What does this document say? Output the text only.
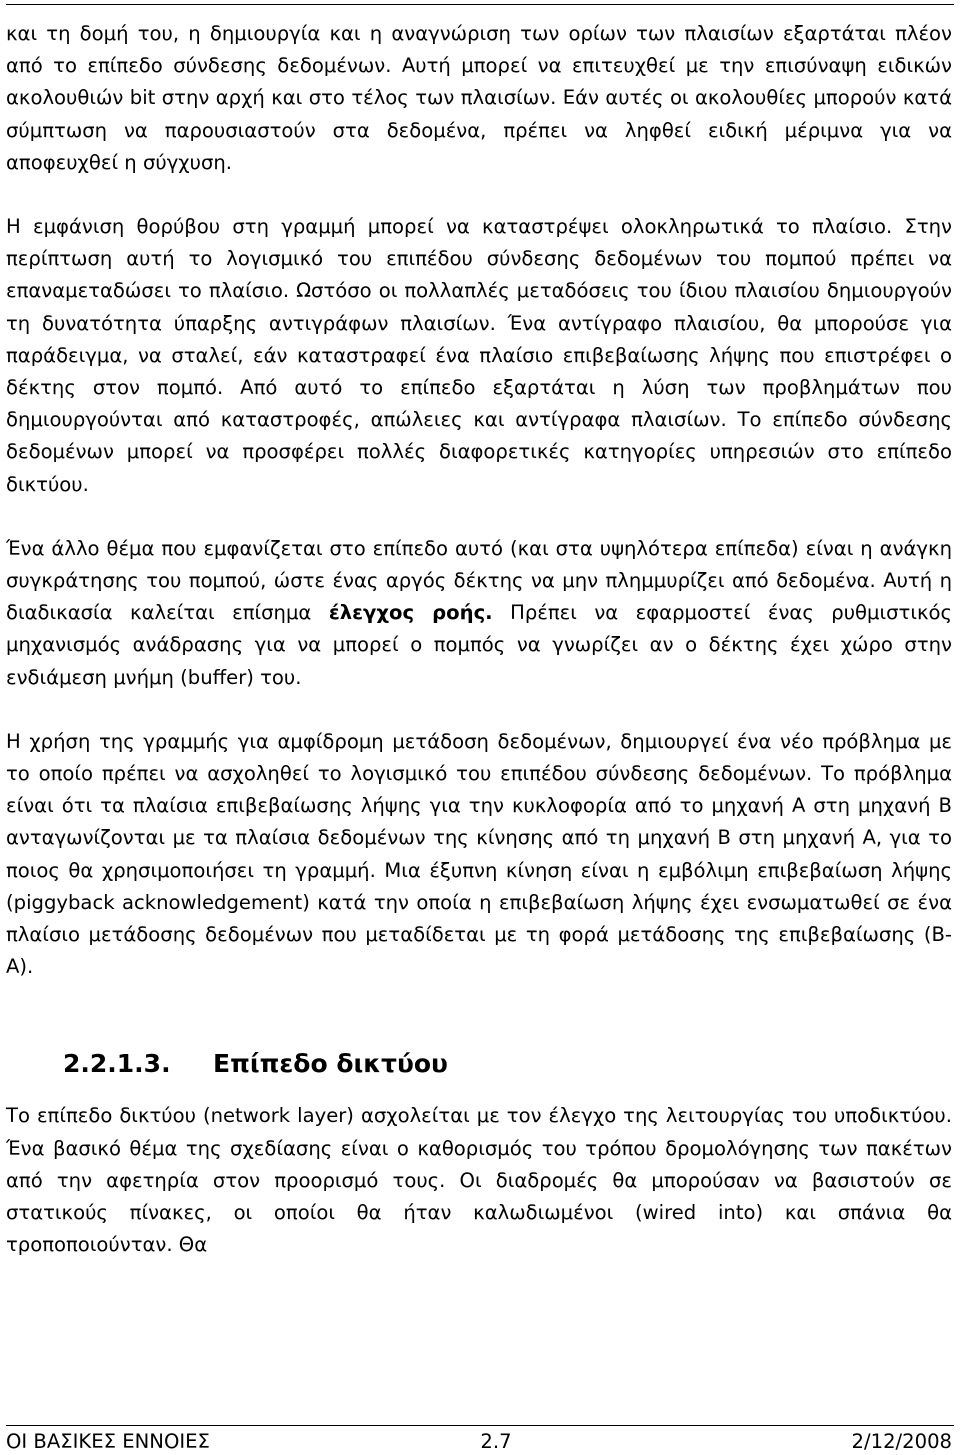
και τη δομή του, η δημιουργία και η αναγνώριση των ορίων των πλαισίων εξαρτάται πλέον από το επίπεδο σύνδεσης δεδομένων. Αυτή μπορεί να επιτευχθεί με την επισύναψη ειδικών ακολουθιών bit στην αρχή και στο τέλος των πλαισίων. Εάν αυτές οι ακολουθίες μπορούν κατά σύμπτωση να παρουσιαστούν στα δεδομένα, πρέπει να ληφθεί ειδική μέριμνα για να αποφευχθεί η σύγχυση.

Η εμφάνιση θορύβου στη γραμμή μπορεί να καταστρέψει ολοκληρωτικά το πλαίσιο. Στην περίπτωση αυτή το λογισμικό του επιπέδου σύνδεσης δεδομένων του πομπού πρέπει να επαναμεταδώσει το πλαίσιο. Ωστόσο οι πολλαπλές μεταδόσεις του ίδιου πλαισίου δημιουργούν τη δυνατότητα ύπαρξης αντιγράφων πλαισίων. Ένα αντίγραφο πλαισίου, θα μπορούσε για παράδειγμα, να σταλεί, εάν καταστραφεί ένα πλαίσιο επιβεβαίωσης λήψης που επιστρέφει ο δέκτης στον πομπό. Από αυτό το επίπεδο εξαρτάται η λύση των προβλημάτων που δημιουργούνται από καταστροφές, απώλειες και αντίγραφα πλαισίων. Το επίπεδο σύνδεσης δεδομένων μπορεί να προσφέρει πολλές διαφορετικές κατηγορίες υπηρεσιών στο επίπεδο δικτύου.

Ένα άλλο θέμα που εμφανίζεται στο επίπεδο αυτό (και στα υψηλότερα επίπεδα) είναι η ανάγκη συγκράτησης του πομπού, ώστε ένας αργός δέκτης να μην πλημμυρίζει από δεδομένα. Αυτή η διαδικασία καλείται επίσημα έλεγχος ροής. Πρέπει να εφαρμοστεί ένας ρυθμιστικός μηχανισμός ανάδρασης για να μπορεί ο πομπός να γνωρίζει αν ο δέκτης έχει χώρο στην ενδιάμεση μνήμη (buffer) του.

Η χρήση της γραμμής για αμφίδρομη μετάδοση δεδομένων, δημιουργεί ένα νέο πρόβλημα με το οποίο πρέπει να ασχοληθεί το λογισμικό του επιπέδου σύνδεσης δεδομένων. Το πρόβλημα είναι ότι τα πλαίσια επιβεβαίωσης λήψης για την κυκλοφορία από το μηχανή Α στη μηχανή Β ανταγωνίζονται με τα πλαίσια δεδομένων της κίνησης από τη μηχανή Β στη μηχανή Α, για το ποιος θα χρησιμοποιήσει τη γραμμή. Μια έξυπνη κίνηση είναι η εμβόλιμη επιβεβαίωση λήψης (piggyback acknowledgement) κατά την οποία η επιβεβαίωση λήψης έχει ενσωματωθεί σε ένα πλαίσιο μετάδοσης δεδομένων που μεταδίδεται με τη φορά μετάδοσης της επιβεβαίωσης (Β-Α).

2.2.1.3. Επίπεδο δικτύου

Το επίπεδο δικτύου (network layer) ασχολείται με τον έλεγχο της λειτουργίας του υποδικτύου. Ένα βασικό θέμα της σχεδίασης είναι ο καθορισμός του τρόπου δρομολόγησης των πακέτων από την αφετηρία στον προορισμό τους. Οι διαδρομές θα μπορούσαν να βασιστούν σε στατικούς πίνακες, οι οποίοι θα ήταν καλωδιωμένοι (wired into) και σπάνια θα τροποποιούνταν. Θα

ΟΙ ΒΑΣΙΚΕΣ ΕΝΝΟΙΕΣ	2.7	2/12/2008
